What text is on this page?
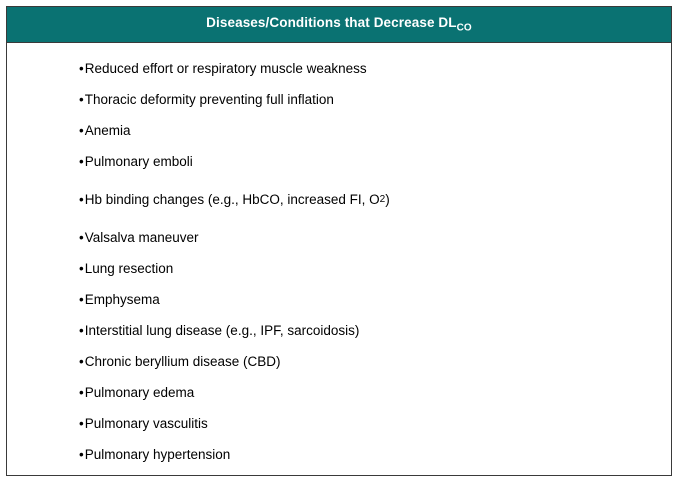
Diseases/Conditions that Decrease $DL_{CO}$
• Reduced effort or respiratory muscle weakness
• Thoracic deformity preventing full inflation
• Anemia
• Pulmonary emboli
• Hb binding changes (e.g., HbCO, increased FI, O 2 )
• Valsalva maneuver
• Lung resection
• Emphysema
• Interstitial lung disease (e.g., IPF, sarcoidosis)
• Chronic beryllium disease (CBD)
• Pulmonary edema
• Pulmonary vasculitis
• Pulmonary hypertension
